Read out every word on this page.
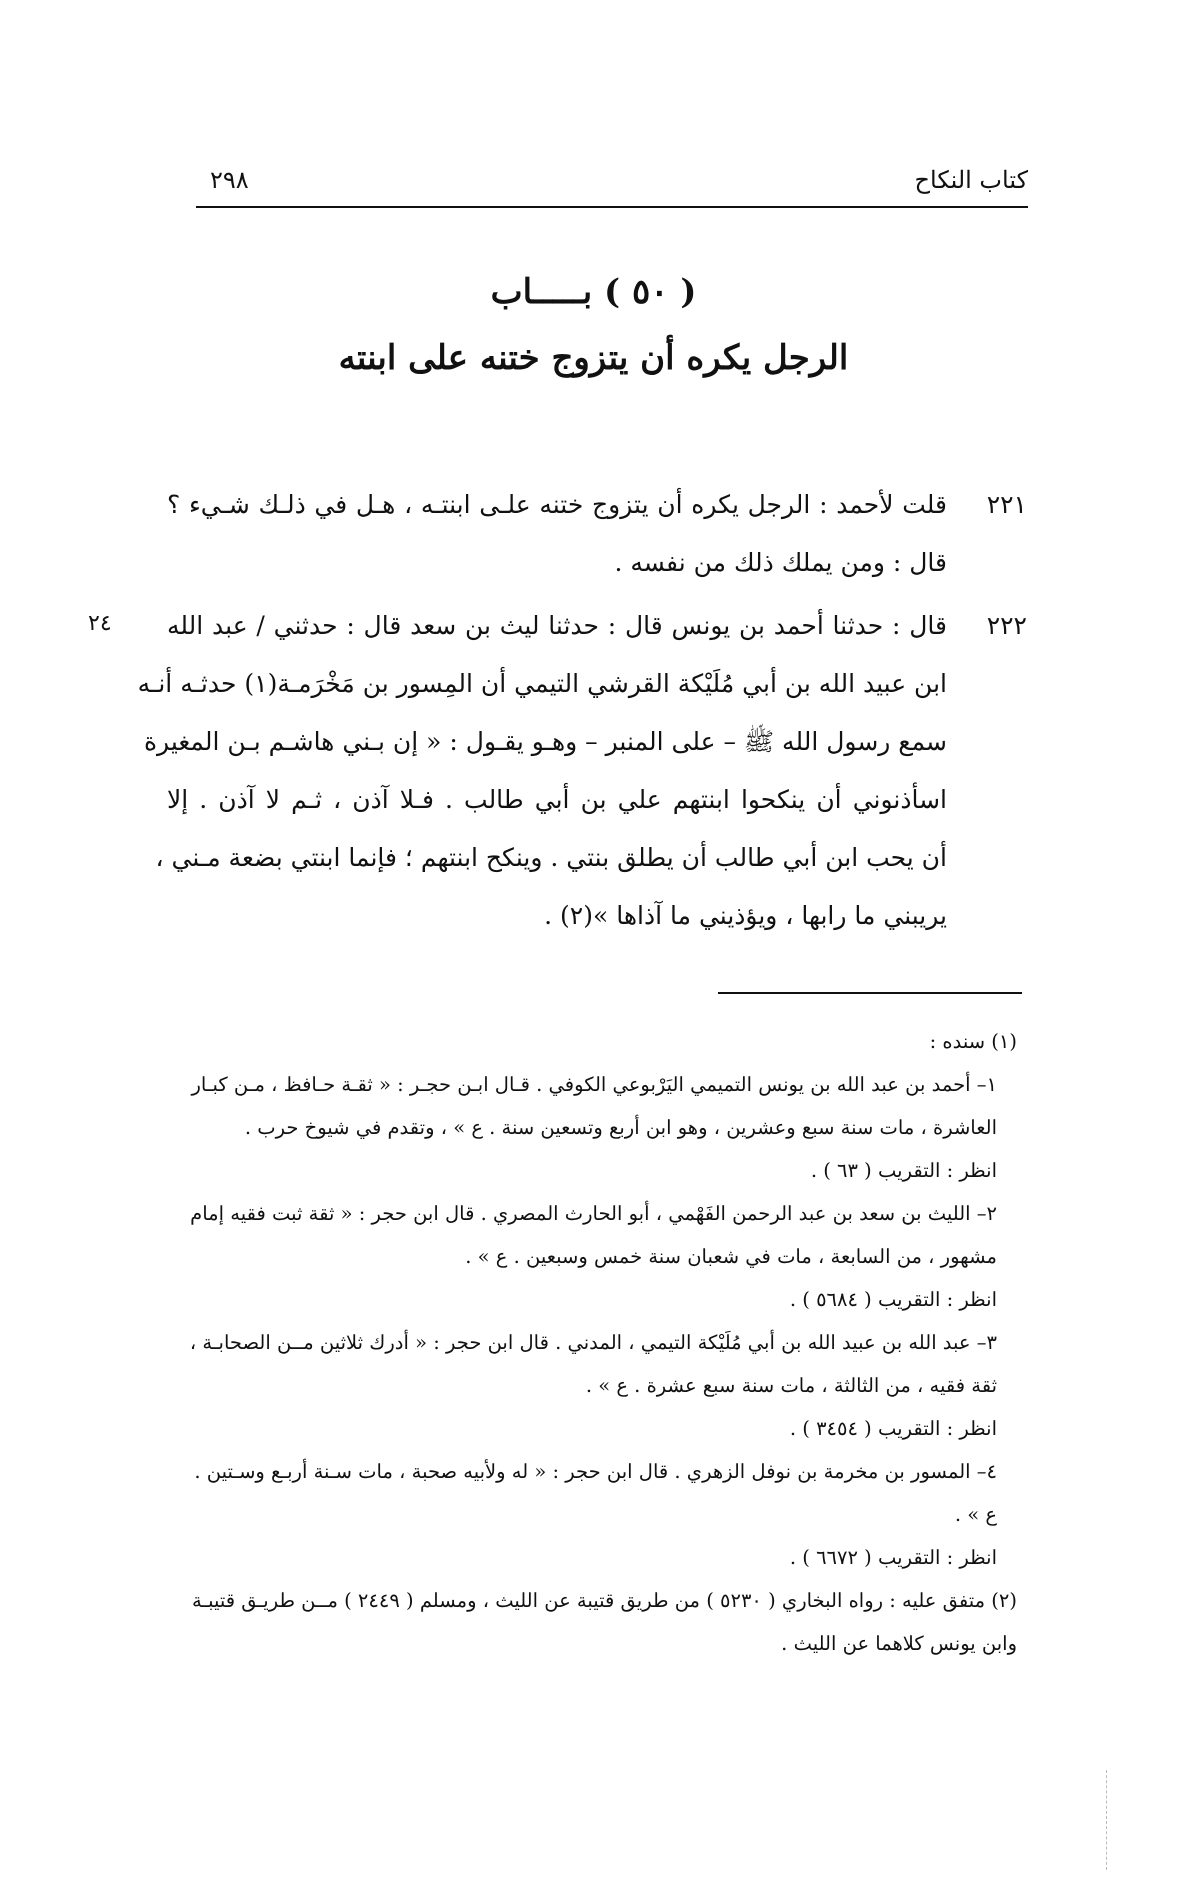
كتاب النكاح
٢٩٨
( ٥٠ ) بـــــاب
الرجل يكره أن يتزوج ختنه على ابنته
٢٢١
قلت لأحمد : الرجل يكره أن يتزوج ختنه علـى ابنتـه ، هـل في ذلـك شـيء ؟
قال : ومن يملك ذلك من نفسه .
٢٤	٢٢٢
قال : حدثنا أحمد بن يونس قال : حدثنا ليث بن سعد قال : حدثني / عبد الله
ابن عبيد الله بن أبي مُلَيْكة القرشي التيمي أن المِسور بن مَخْرَمـة(١) حدثـه أنـه
سمع رسول الله ﷺ – على المنبر – وهـو يقـول : « إن بـني هاشـم بـن المغيرة
اسأذنوني أن ينكحوا ابنتهم علي بن أبي طالب . فـلا آذن ، ثـم لا آذن . إلا
أن يحب ابن أبي طالب أن يطلق بنتي . وينكح ابنتهم ؛ فإنما ابنتي بضعة مـني ،
يريبني ما رابها ، ويؤذيني ما آذاها »(٢) .
(١) سنده :
١– أحمد بن عبد الله بن يونس التميمي اليَرْبوعي الكوفي . قـال ابـن حجـر : « ثقـة حـافظ ، مـن كبـار
العاشرة ، مات سنة سبع وعشرين ، وهو ابن أربع وتسعين سنة . ع » ، وتقدم في شيوخ حرب .
انظر : التقريب ( ٦٣ ) .
٢– الليث بن سعد بن عبد الرحمن الفَهْمي ، أبو الحارث المصري . قال ابن حجر : « ثقة ثبت فقيه إمام
مشهور ، من السابعة ، مات في شعبان سنة خمس وسبعين . ع » .
انظر : التقريب ( ٥٦٨٤ ) .
٣– عبد الله بن عبيد الله بن أبي مُلَيْكة التيمي ، المدني . قال ابن حجر : « أدرك ثلاثين مــن الصحابـة ،
ثقة فقيه ، من الثالثة ، مات سنة سبع عشرة . ع » .
انظر : التقريب ( ٣٤٥٤ ) .
٤– المسور بن مخرمة بن نوفل الزهري . قال ابن حجر : « له ولأبيه صحبة ، مات سـنة أربـع وسـتين .
ع » .
انظر : التقريب ( ٦٦٧٢ ) .
(٢) متفق عليه : رواه البخاري ( ٥٢٣٠ ) من طريق قتيبة عن الليث ، ومسلم ( ٢٤٤٩ ) مــن طريـق قتيبـة
وابن يونس كلاهما عن الليث .
